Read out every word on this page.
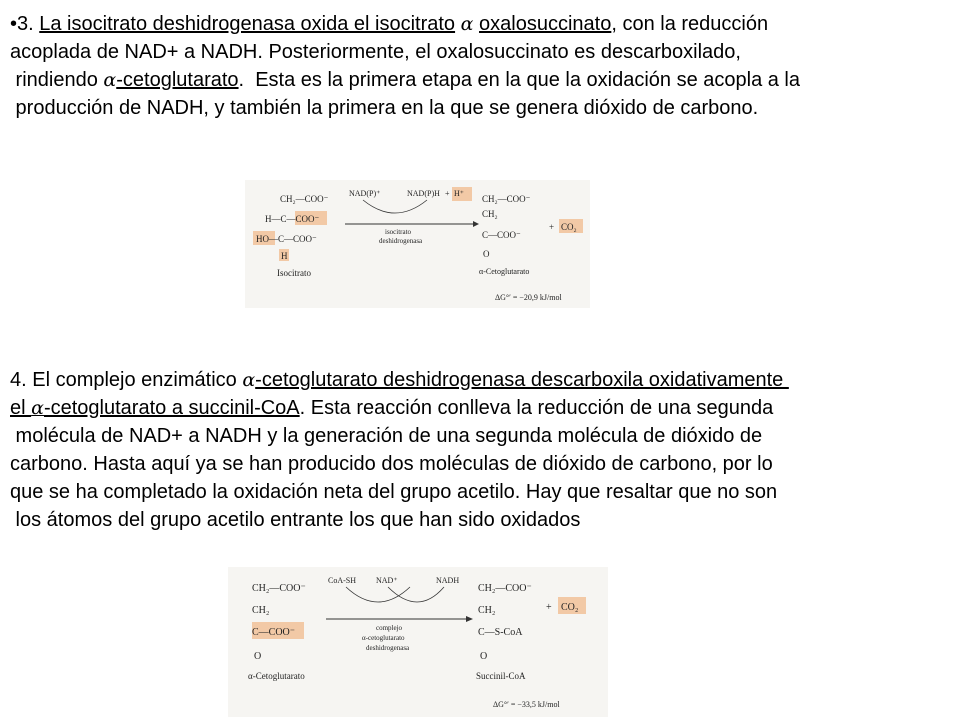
•3. La isocitrato deshidrogenasa oxida el isocitrato α oxalosuccinato, con la reducción
acoplada de NAD+ a NADH. Posteriormente, el oxalosuccinato es descarboxilado,
rindiendo α-cetoglutarato.  Esta es la primera etapa en la que la oxidación se acopla a la
producción de NADH, y también la primera en la que se genera dióxido de carbono.
CH₂—COO⁻
H—C—COO⁻
HO—C—COO⁻
H
Isocitrato
NAD(P)⁺	NAD(P)H + H⁺
isocitrato
deshidrogenasa
CH₂—COO⁻
CH₂
C—COO⁻
O
α-Cetoglutarato
+ CO₂
ΔG°′ = −20,9 kJ/mol
4. El complejo enzimático α-cetoglutarato deshidrogenasa descarboxila oxidativamente
el α-cetoglutarato a succinil-CoA. Esta reacción conlleva la reducción de una segunda
molécula de NAD+ a NADH y la generación de una segunda molécula de dióxido de
carbono. Hasta aquí ya se han producido dos moléculas de dióxido de carbono, por lo
que se ha completado la oxidación neta del grupo acetilo. Hay que resaltar que no son
los átomos del grupo acetilo entrante los que han sido oxidados
CH₂—COO⁻
CH₂
C—COO⁻
O
α-Cetoglutarato
CoA-SH NAD⁺	NADH
complejo
α-cetoglutarato
deshidrogenasa
CH₂—COO⁻
CH₂
C—S-CoA
O
Succinil-CoA
+ CO₂
ΔG°′ = −33,5 kJ/mol
